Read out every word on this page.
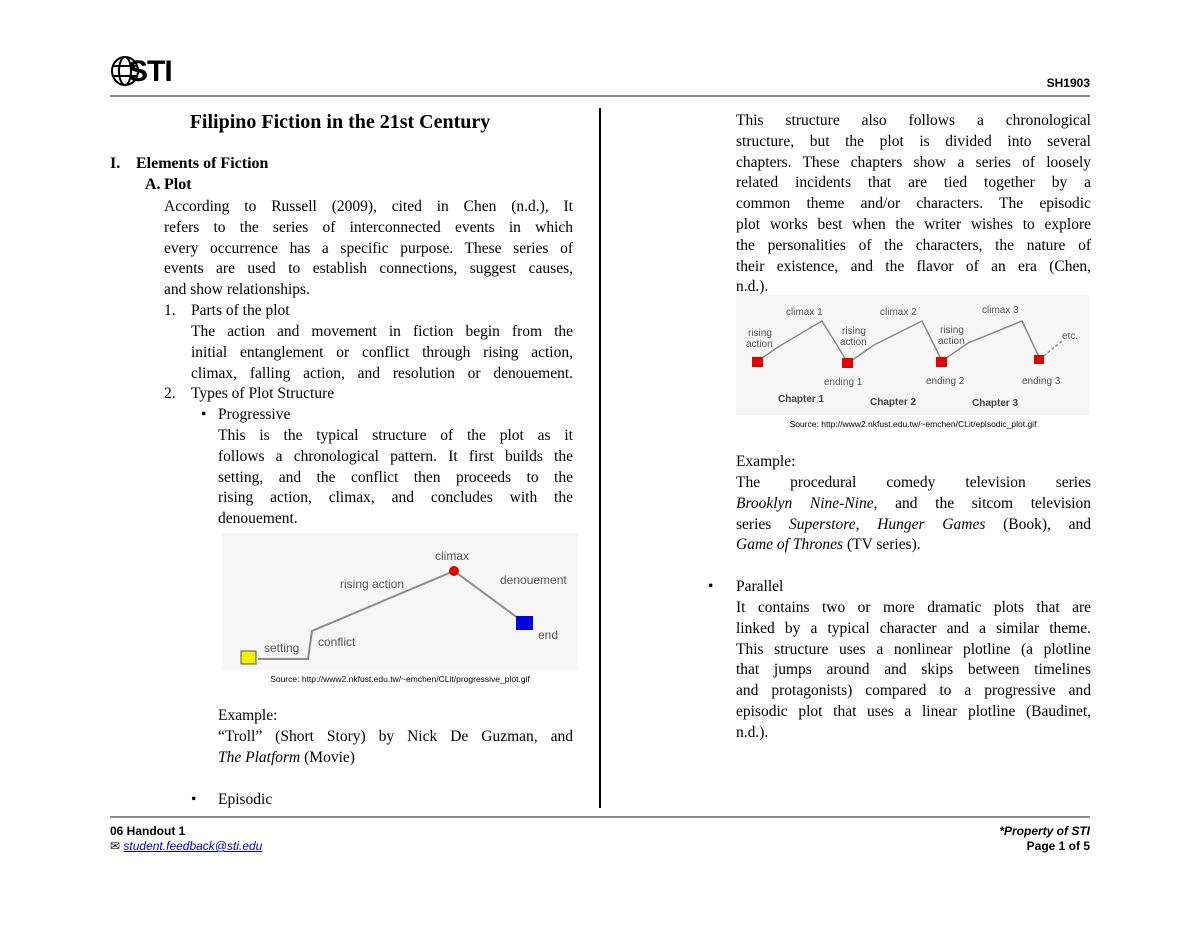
STI	SH1903
Filipino Fiction in the 21st Century
I. Elements of Fiction
A. Plot
According to Russell (2009), cited in Chen (n.d.), It
refers to the series of interconnected events in which
every occurrence has a specific purpose. These series of
events are used to establish connections, suggest causes,
and show relationships.
1. Parts of the plot
The action and movement in fiction begin from the
initial entanglement or conflict through rising action,
climax, falling action, and resolution or denouement.
2. Types of Plot Structure
• Progressive
This is the typical structure of the plot as it
follows a chronological pattern. It first builds the
setting, and the conflict then proceeds to the
rising action, climax, and concludes with the
denouement.
climax
rising action	denouement
setting conflict	end
Source: http://www2.nkfust.edu.tw/~emchen/CLit/progressive_plot.gif
Example:
“Troll” (Short Story) by Nick De Guzman, and
The Platform (Movie)
• Episodic
This structure also follows a chronological
structure, but the plot is divided into several
chapters. These chapters show a series of loosely
related incidents that are tied together by a
common theme and/or characters. The episodic
plot works best when the writer wishes to explore
the personalities of the characters, the nature of
their existence, and the flavor of an era (Chen,
n.d.).
climax 1	climax 2	climax 3
rising
action
rising
action
rising
action	etc.
ending 1	ending 2	ending 3
Chapter 1	Chapter 2	Chapter 3
Source: http://www2.nkfust.edu.tw/~emchen/CLit/episodic_plot.gif
Example:
The procedural comedy television series
Brooklyn Nine-Nine, and the sitcom television
series Superstore, Hunger Games (Book), and
Game of Thrones (TV series).
• Parallel
It contains two or more dramatic plots that are
linked by a typical character and a similar theme.
This structure uses a nonlinear plotline (a plotline
that jumps around and skips between timelines
and protagonists) compared to a progressive and
episodic plot that uses a linear plotline (Baudinet,
n.d.).
06 Handout 1
✉ student.feedback@sti.edu
*Property of STI
Page 1 of 5
